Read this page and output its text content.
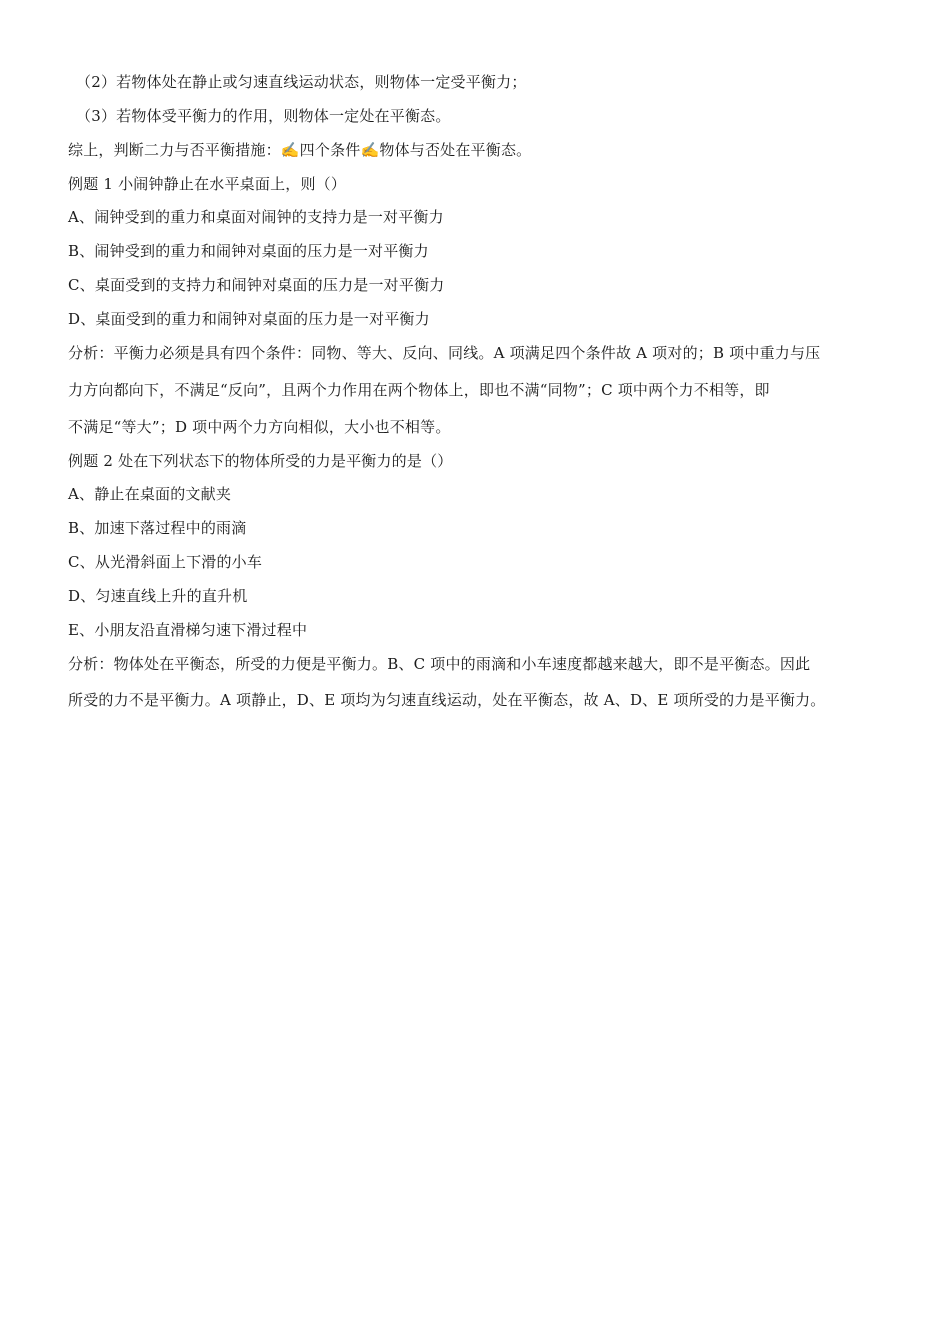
（2）若物体处在静止或匀速直线运动状态，则物体一定受平衡力；
（3）若物体受平衡力的作用，则物体一定处在平衡态。
综上，判断二力与否平衡措施：✍四个条件✍物体与否处在平衡态。
例题 1 小闹钟静止在水平桌面上，则（）
A、闹钟受到的重力和桌面对闹钟的支持力是一对平衡力
B、闹钟受到的重力和闹钟对桌面的压力是一对平衡力
C、桌面受到的支持力和闹钟对桌面的压力是一对平衡力
D、桌面受到的重力和闹钟对桌面的压力是一对平衡力
分析：平衡力必须是具有四个条件：同物、等大、反向、同线。A 项满足四个条件故 A 项对的；B 项中重力与压
力方向都向下，不满足“反向”，且两个力作用在两个物体上，即也不满“同物”；C 项中两个力不相等，即
不满足“等大”；D 项中两个力方向相似，大小也不相等。
例题 2 处在下列状态下的物体所受的力是平衡力的是（）
A、静止在桌面的文献夹
B、加速下落过程中的雨滴
C、从光滑斜面上下滑的小车
D、匀速直线上升的直升机
E、小朋友沿直滑梯匀速下滑过程中
分析：物体处在平衡态，所受的力便是平衡力。B、C 项中的雨滴和小车速度都越来越大，即不是平衡态。因此
所受的力不是平衡力。A 项静止，D、E 项均为匀速直线运动，处在平衡态，故 A、D、E 项所受的力是平衡力。
